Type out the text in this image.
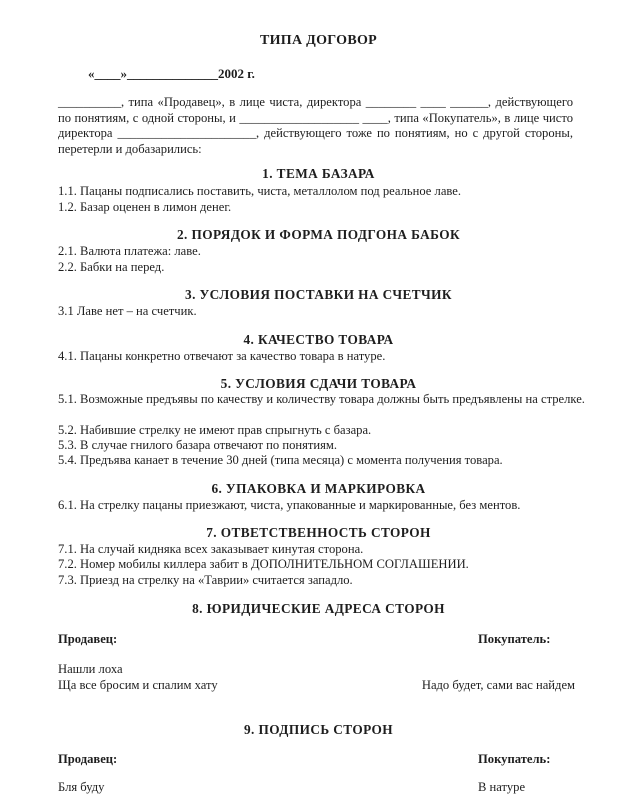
ТИПА ДОГОВОР
«____»______________2002 г.
__________, типа «Продавец», в лице чиста, директора ________ ____ ______, действующего по понятиям, с одной стороны, и ___________________ ____, типа «Покупатель», в лице чисто директора ______________________, действующего тоже по понятиям, но с другой стороны, перетерли и добазарились:
1. ТЕМА БАЗАРА
1.1. Пацаны подписались поставить, чиста, металлолом под реальное лаве.
1.2. Базар оценен в лимон денег.
2. ПОРЯДОК И ФОРМА ПОДГОНА БАБОК
2.1. Валюта платежа: лаве.
2.2. Бабки на перед.
3. УСЛОВИЯ ПОСТАВКИ НА СЧЕТЧИК
3.1 Лаве нет – на счетчик.
4. КАЧЕСТВО ТОВАРА
4.1. Пацаны конкретно отвечают за качество товара в натуре.
5. УСЛОВИЯ СДАЧИ ТОВАРА
5.1. Возможные предъявы по качеству и количеству товара должны быть предъявлены на стрелке.
5.2. Набившие стрелку не имеют прав спрыгнуть с базара.
5.3. В случае гнилого базара отвечают по понятиям.
5.4. Предъява канает в течение 30 дней (типа месяца) с момента получения товара.
6. УПАКОВКА И МАРКИРОВКА
6.1. На стрелку пацаны приезжают, чиста, упакованные и маркированные, без ментов.
7. ОТВЕТСТВЕННОСТЬ СТОРОН
7.1. На случай кидняка всех заказывает кинутая сторона.
7.2. Номер мобилы киллера забит в ДОПОЛНИТЕЛЬНОМ СОГЛАШЕНИИ.
7.3. Приезд на стрелку на «Таврии» считается западло.
8. ЮРИДИЧЕСКИЕ АДРЕСА СТОРОН
Продавец:	Покупатель:
Нашли лоха
Ща все бросим и спалим хату	Надо будет, сами вас найдем
9. ПОДПИСЬ СТОРОН
Продавец:	Покупатель:
Бля буду	В натуре
